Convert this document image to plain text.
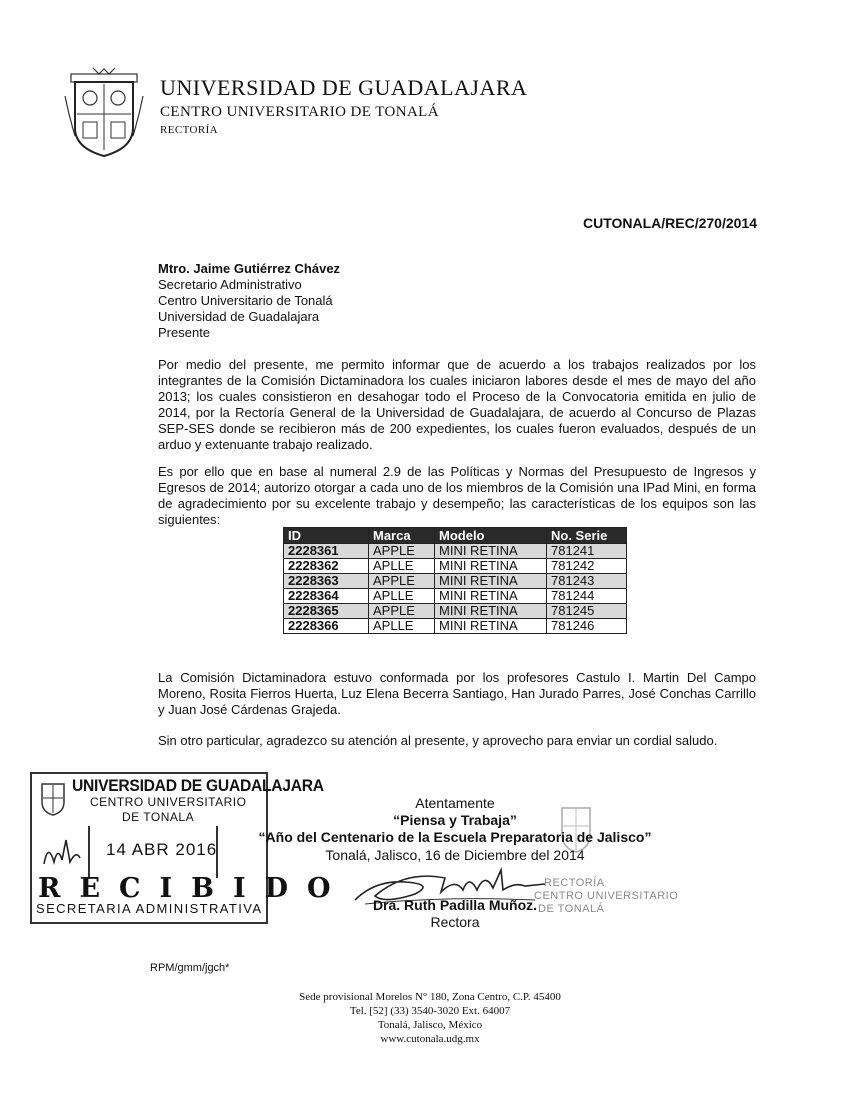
UNIVERSIDAD DE GUADALAJARA
CENTRO UNIVERSITARIO DE TONALÁ
RECTORÍA
CUTONALA/REC/270/2014
Mtro. Jaime Gutiérrez Chávez
Secretario Administrativo
Centro Universitario de Tonalá
Universidad de Guadalajara
Presente
Por medio del presente, me permito informar que de acuerdo a los trabajos realizados por los integrantes de la Comisión Dictaminadora los cuales iniciaron labores desde el mes de mayo del año 2013; los cuales consistieron en desahogar todo el Proceso de la Convocatoria emitida en julio de 2014, por la Rectoría General de la Universidad de Guadalajara, de acuerdo al Concurso de Plazas SEP-SES donde se recibieron más de 200 expedientes, los cuales fueron evaluados, después de un arduo y extenuante trabajo realizado.
Es por ello que en base al numeral 2.9 de las Políticas y Normas del Presupuesto de Ingresos y Egresos de 2014; autorizo otorgar a cada uno de los miembros de la Comisión una IPad Mini, en forma de agradecimiento por su excelente trabajo y desempeño; las características de los equipos son las siguientes:
ID	Marca	Modelo	No. Serie
2228361	APPLE	MINI RETINA	781241
2228362	APLLE	MINI RETINA	781242
2228363	APPLE	MINI RETINA	781243
2228364	APLLE	MINI RETINA	781244
2228365	APPLE	MINI RETINA	781245
2228366	APLLE	MINI RETINA	781246
La Comisión Dictaminadora estuvo conformada por los profesores Castulo I. Martin Del Campo Moreno, Rosita Fierros Huerta, Luz Elena Becerra Santiago, Han Jurado Parres, José Conchas Carrillo y Juan José Cárdenas Grajeda.
Sin otro particular, agradezco su atención al presente, y aprovecho para enviar un cordial saludo.
UNIVERSIDAD DE GUADALAJARA
CENTRO UNIVERSITARIO
DE TONALA
14 ABR 2016
RECIBIDO
SECRETARIA ADMINISTRATIVA
Atentamente
“Piensa y Trabaja”
“Año del Centenario de la Escuela Preparatoria de Jalisco”
Tonalá, Jalisco, 16 de Diciembre del 2014
RECTORÍA
CENTRO UNIVERSITARIO
DE TONALÁ
Dra. Ruth Padilla Muñoz.
Rectora
RPM/gmm/jgch*
Sede provisional Morelos N° 180, Zona Centro, C.P. 45400
Tel. [52] (33) 3540-3020 Ext. 64007
Tonalá, Jalisco, México
www.cutonala.udg.mx
